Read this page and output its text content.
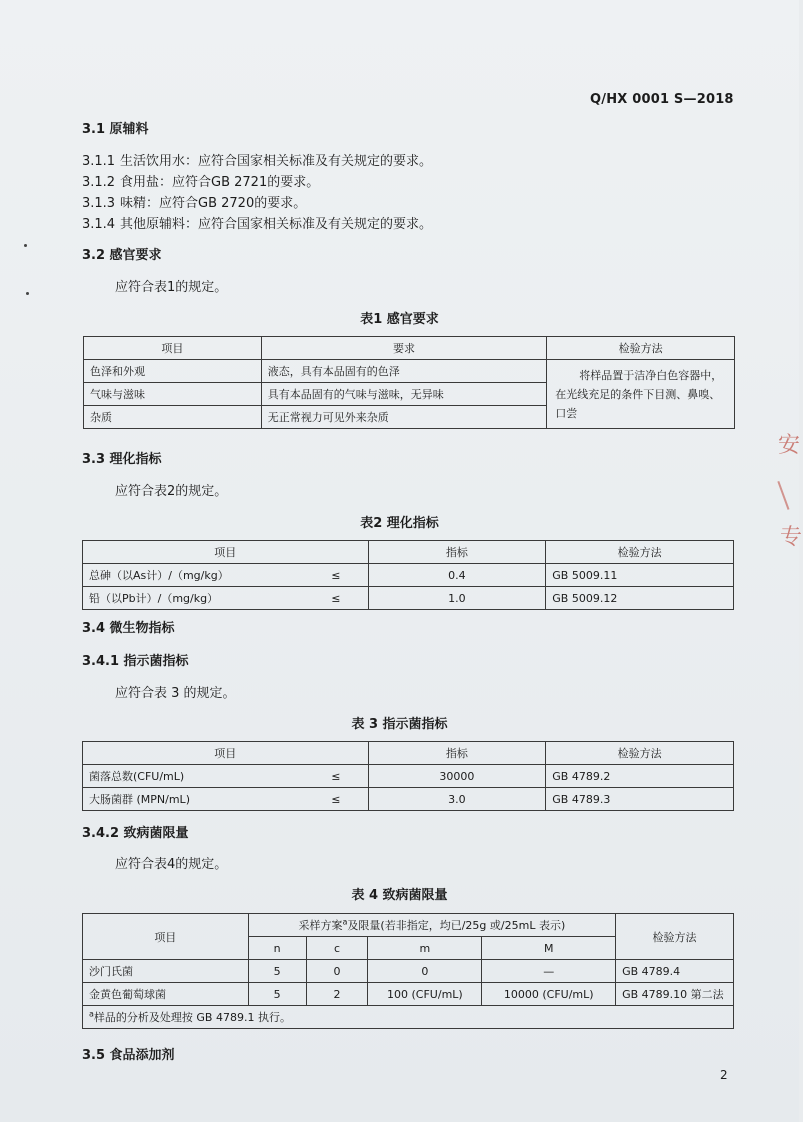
Q/HX 0001 S—2018
3.1 原辅料
3.1.1 生活饮用水：应符合国家相关标准及有关规定的要求。
3.1.2 食用盐：应符合GB 2721的要求。
3.1.3 味精：应符合GB 2720的要求。
3.1.4 其他原辅料：应符合国家相关标准及有关规定的要求。
3.2 感官要求
应符合表1的规定。
表1 感官要求
项目	要求	检验方法
色泽和外观	液态，具有本品固有的色泽	将样品置于洁净白色容器中，在光线充足的条件下目测、鼻嗅、口尝
气味与滋味	具有本品固有的气味与滋味，无异味	
杂质	无正常视力可见外来杂质	
3.3 理化指标
应符合表2的规定。
表2 理化指标
项目		指标	检验方法
总砷（以As计）/（mg/kg）	≤	0.4	GB 5009.11
铅（以Pb计）/（mg/kg）	≤	1.0	GB 5009.12
3.4 微生物指标
3.4.1 指示菌指标
应符合表 3 的规定。
表 3 指示菌指标
项目		指标	检验方法
菌落总数(CFU/mL)	≤	30000	GB 4789.2
大肠菌群 (MPN/mL)	≤	3.0	GB 4789.3
3.4.2 致病菌限量
应符合表4的规定。
表 4 致病菌限量
项目	采样方案$^a$及限量(若非指定，均已/25g 或/25mL 表示)				检验方法
	n	c	m	M	
沙门氏菌	5	0	0	—	GB 4789.4
金黄色葡萄球菌	5	2	100 (CFU/mL)	10000 (CFU/mL)	GB 4789.10 第二法
$^a$样品的分析及处理按 GB 4789.1 执行。					
3.5 食品添加剂
2
安
专
